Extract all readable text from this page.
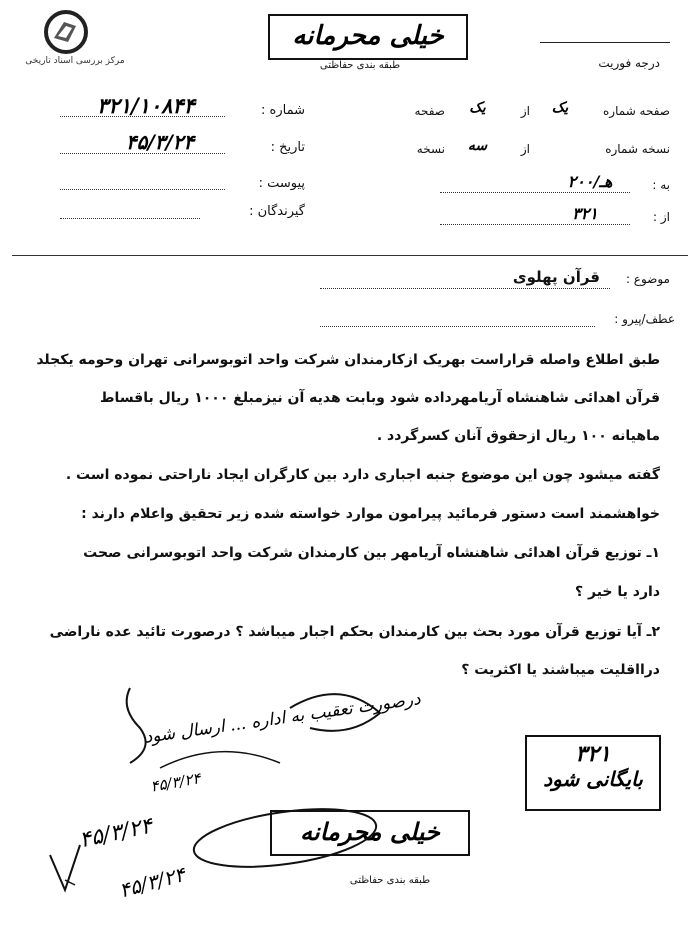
مرکز بررسی اسناد تاریخی
خیلی محرمانه
طبقه بندی حفاظتی	درجه فوریت
شماره :
۳۲۱/۱۰۸۴۴
تاریخ :
۴۵/۳/۲۴
پیوست :
گیرندگان :
صفحه شماره
یک
از
یک
صفحه
نسخه شماره
از
سه
نسخه
به :
۲۰۰/هـ
از :
۳۲۱
موضوع :
قرآن پهلوی
عطف/پیرو :
طبق اطلاع واصله قراراست بهریک ازکارمندان شرکت واحد اتوبوسرانی تهران وحومه یکجلد
قرآن اهدائی شاهنشاه آریامهرداده شود وبابت هدیه آن نیزمبلغ ۱۰۰۰ ریال باقساط
ماهیانه ۱۰۰ ریال ازحقوق آنان کسرگردد .
گفته میشود چون این موضوع جنبه اجباری دارد بین کارگران ایجاد ناراحتی نموده است .
خواهشمند است دستور فرمائید پیرامون موارد خواسته شده زیر تحقیق واعلام دارند :
۱ـ توزیع قرآن اهدائی شاهنشاه آریامهر بین کارمندان شرکت واحد اتوبوسرانی صحت
دارد یا خیر ؟
۲ـ آیا توزیع قرآن مورد بحث بین کارمندان بحکم اجبار میباشد ؟ درصورت تائید عده ناراضی
درااقلیت میباشند یا اکثریت ؟
درصورت تعقیب به اداره ... ارسال شود
۴۵/۳/۲۴
۳۲۱
بایگانی شود
۴۵/۳/۲۴
۴۵/۳/۲۴
خیلی محرمانه
طبقه بندی حفاظتی
